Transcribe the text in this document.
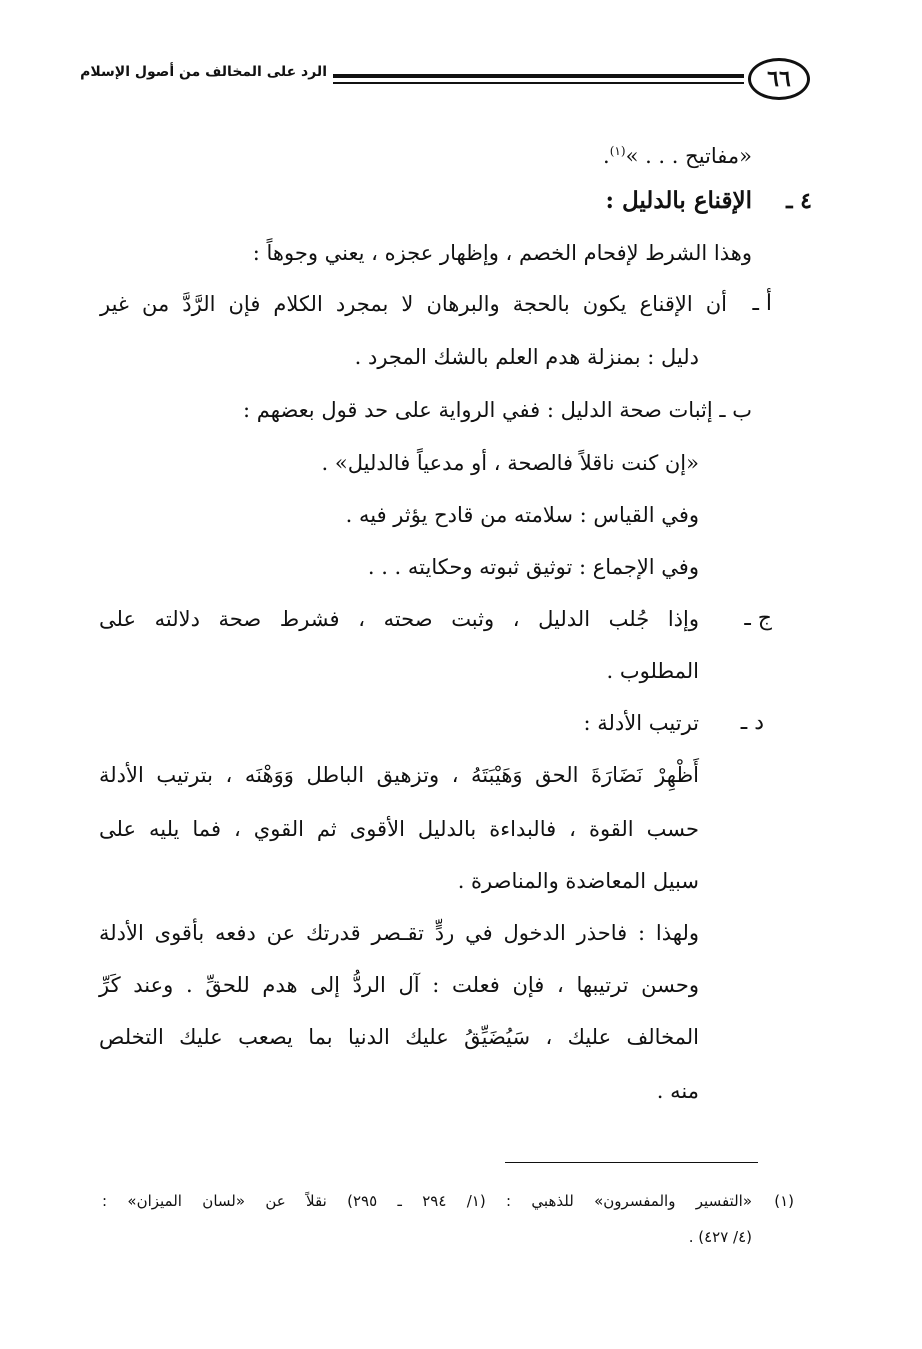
٦٦
الرد على المخالف من أصول الإسلام
«مفاتيح . . . »$^{(١)}$.
٤ ـ
الإقناع بالدليل :
وهذا الشرط لإفحام الخصم ، وإظهار عجزه ، يعني وجوهاً :
أ ـ
أن الإقناع يكون بالحجة والبرهان لا بمجرد الكلام فإن الرَّدَّ من غير
دليل : بمنزلة هدم العلم بالشك المجرد .
ب ـ إثبات صحة الدليل : ففي الرواية على حد قول بعضهم :
«إن كنت ناقلاً فالصحة ، أو مدعياً فالدليل» .
وفي القياس : سلامته من قادح يؤثر فيه .
وفي الإجماع : توثيق ثبوته وحكايته . . .
ج ـ
وإذا جُلب الدليل ، وثبت صحته ، فشرط صحة دلالته على
المطلوب .
د ـ
ترتيب الأدلة :
أَظْهِرْ نَضَارَةَ الحق وَهَيْبَتَهُ ، وتزهيق الباطل وَوَهْنَه ، بترتيب الأدلة
حسب القوة ، فالبداءة بالدليل الأقوى ثم القوي ، فما يليه على
سبيل المعاضدة والمناصرة .
ولهذا : فاحذر الدخول في ردٍّ تقـصر قدرتك عن دفعه بأقوى الأدلة
وحسن ترتيبها ، فإن فعلت : آل الردُّ إلى هدم للحقِّ . وعند كَرِّ
المخالف عليك ، سَيُضَيِّقُ عليك الدنيا بما يصعب عليك التخلص
منه .
(١)
«التفسير والمفسرون» للذهبي : (١/ ٢٩٤ ـ ٢٩٥) نقلاً عن «لسان الميزان» :
(٤/ ٤٢٧) .
